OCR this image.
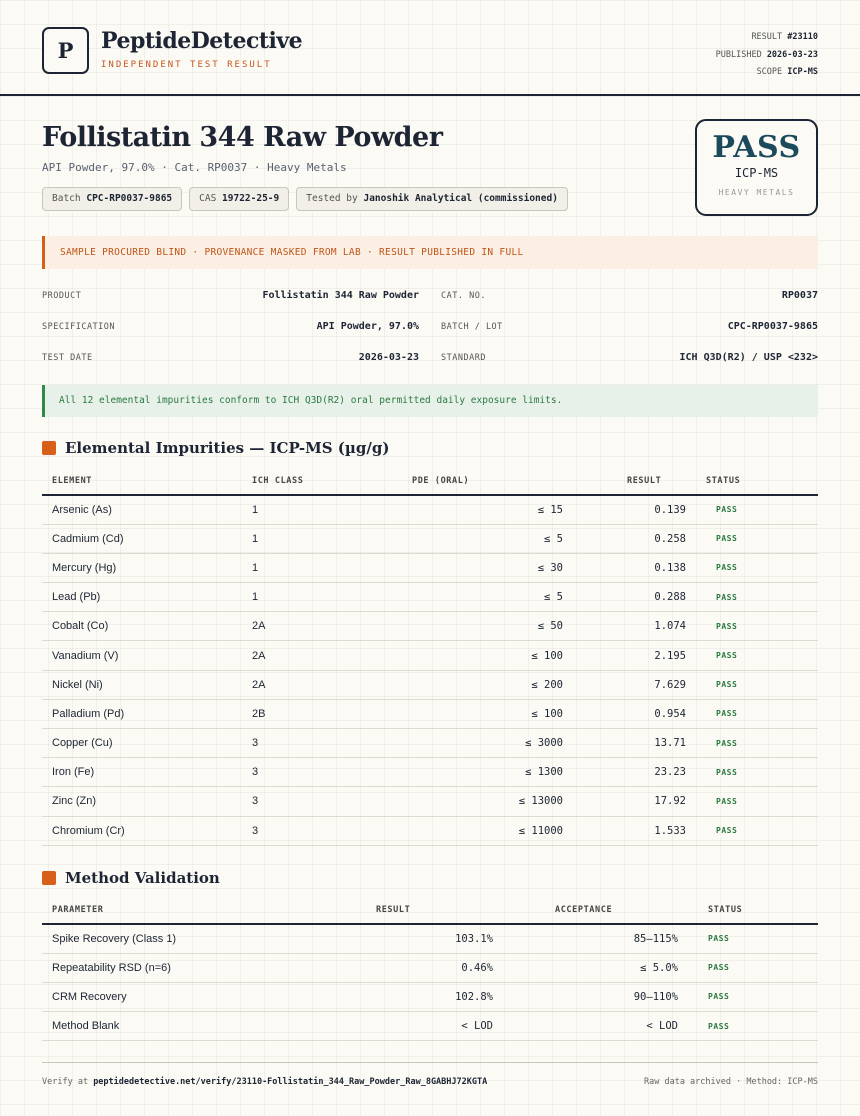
P	PeptideDetective
INDEPENDENT TEST RESULT
RESULT #23110
PUBLISHED 2026-03-23
SCOPE ICP-MS
Follistatin 344 Raw Powder
API Powder, 97.0% · Cat. RP0037 · Heavy Metals
Batch CPC-RP0037-9865	CAS 19722-25-9	Tested by Janoshik Analytical (commissioned)
PASS
ICP-MS
HEAVY METALS
SAMPLE PROCURED BLIND · PROVENANCE MASKED FROM LAB · RESULT PUBLISHED IN FULL
PRODUCT	Follistatin 344 Raw Powder	CAT. NO.	RP0037
SPECIFICATION	API Powder, 97.0%	BATCH / LOT	CPC-RP0037-9865
TEST DATE	2026-03-23	STANDARD	ICH Q3D(R2) / USP <232>
All 12 elemental impurities conform to ICH Q3D(R2) oral permitted daily exposure limits.
Elemental Impurities — ICP-MS (µg/g)
ELEMENT	ICH CLASS	PDE (ORAL)	RESULT	STATUS
Arsenic (As)	1	≤ 15	0.139	PASS
Cadmium (Cd)	1	≤ 5	0.258	PASS
Mercury (Hg)	1	≤ 30	0.138	PASS
Lead (Pb)	1	≤ 5	0.288	PASS
Cobalt (Co)	2A	≤ 50	1.074	PASS
Vanadium (V)	2A	≤ 100	2.195	PASS
Nickel (Ni)	2A	≤ 200	7.629	PASS
Palladium (Pd)	2B	≤ 100	0.954	PASS
Copper (Cu)	3	≤ 3000	13.71	PASS
Iron (Fe)	3	≤ 1300	23.23	PASS
Zinc (Zn)	3	≤ 13000	17.92	PASS
Chromium (Cr)	3	≤ 11000	1.533	PASS
Method Validation
PARAMETER	RESULT	ACCEPTANCE	STATUS
Spike Recovery (Class 1)	103.1%	85–115%	PASS
Repeatability RSD (n=6)	0.46%	≤ 5.0%	PASS
CRM Recovery	102.8%	90–110%	PASS
Method Blank	< LOD	< LOD	PASS
Verify at peptidedetective.net/verify/23110-Follistatin_344_Raw_Powder_Raw_8GABHJ72KGTA	Raw data archived · Method: ICP-MS
